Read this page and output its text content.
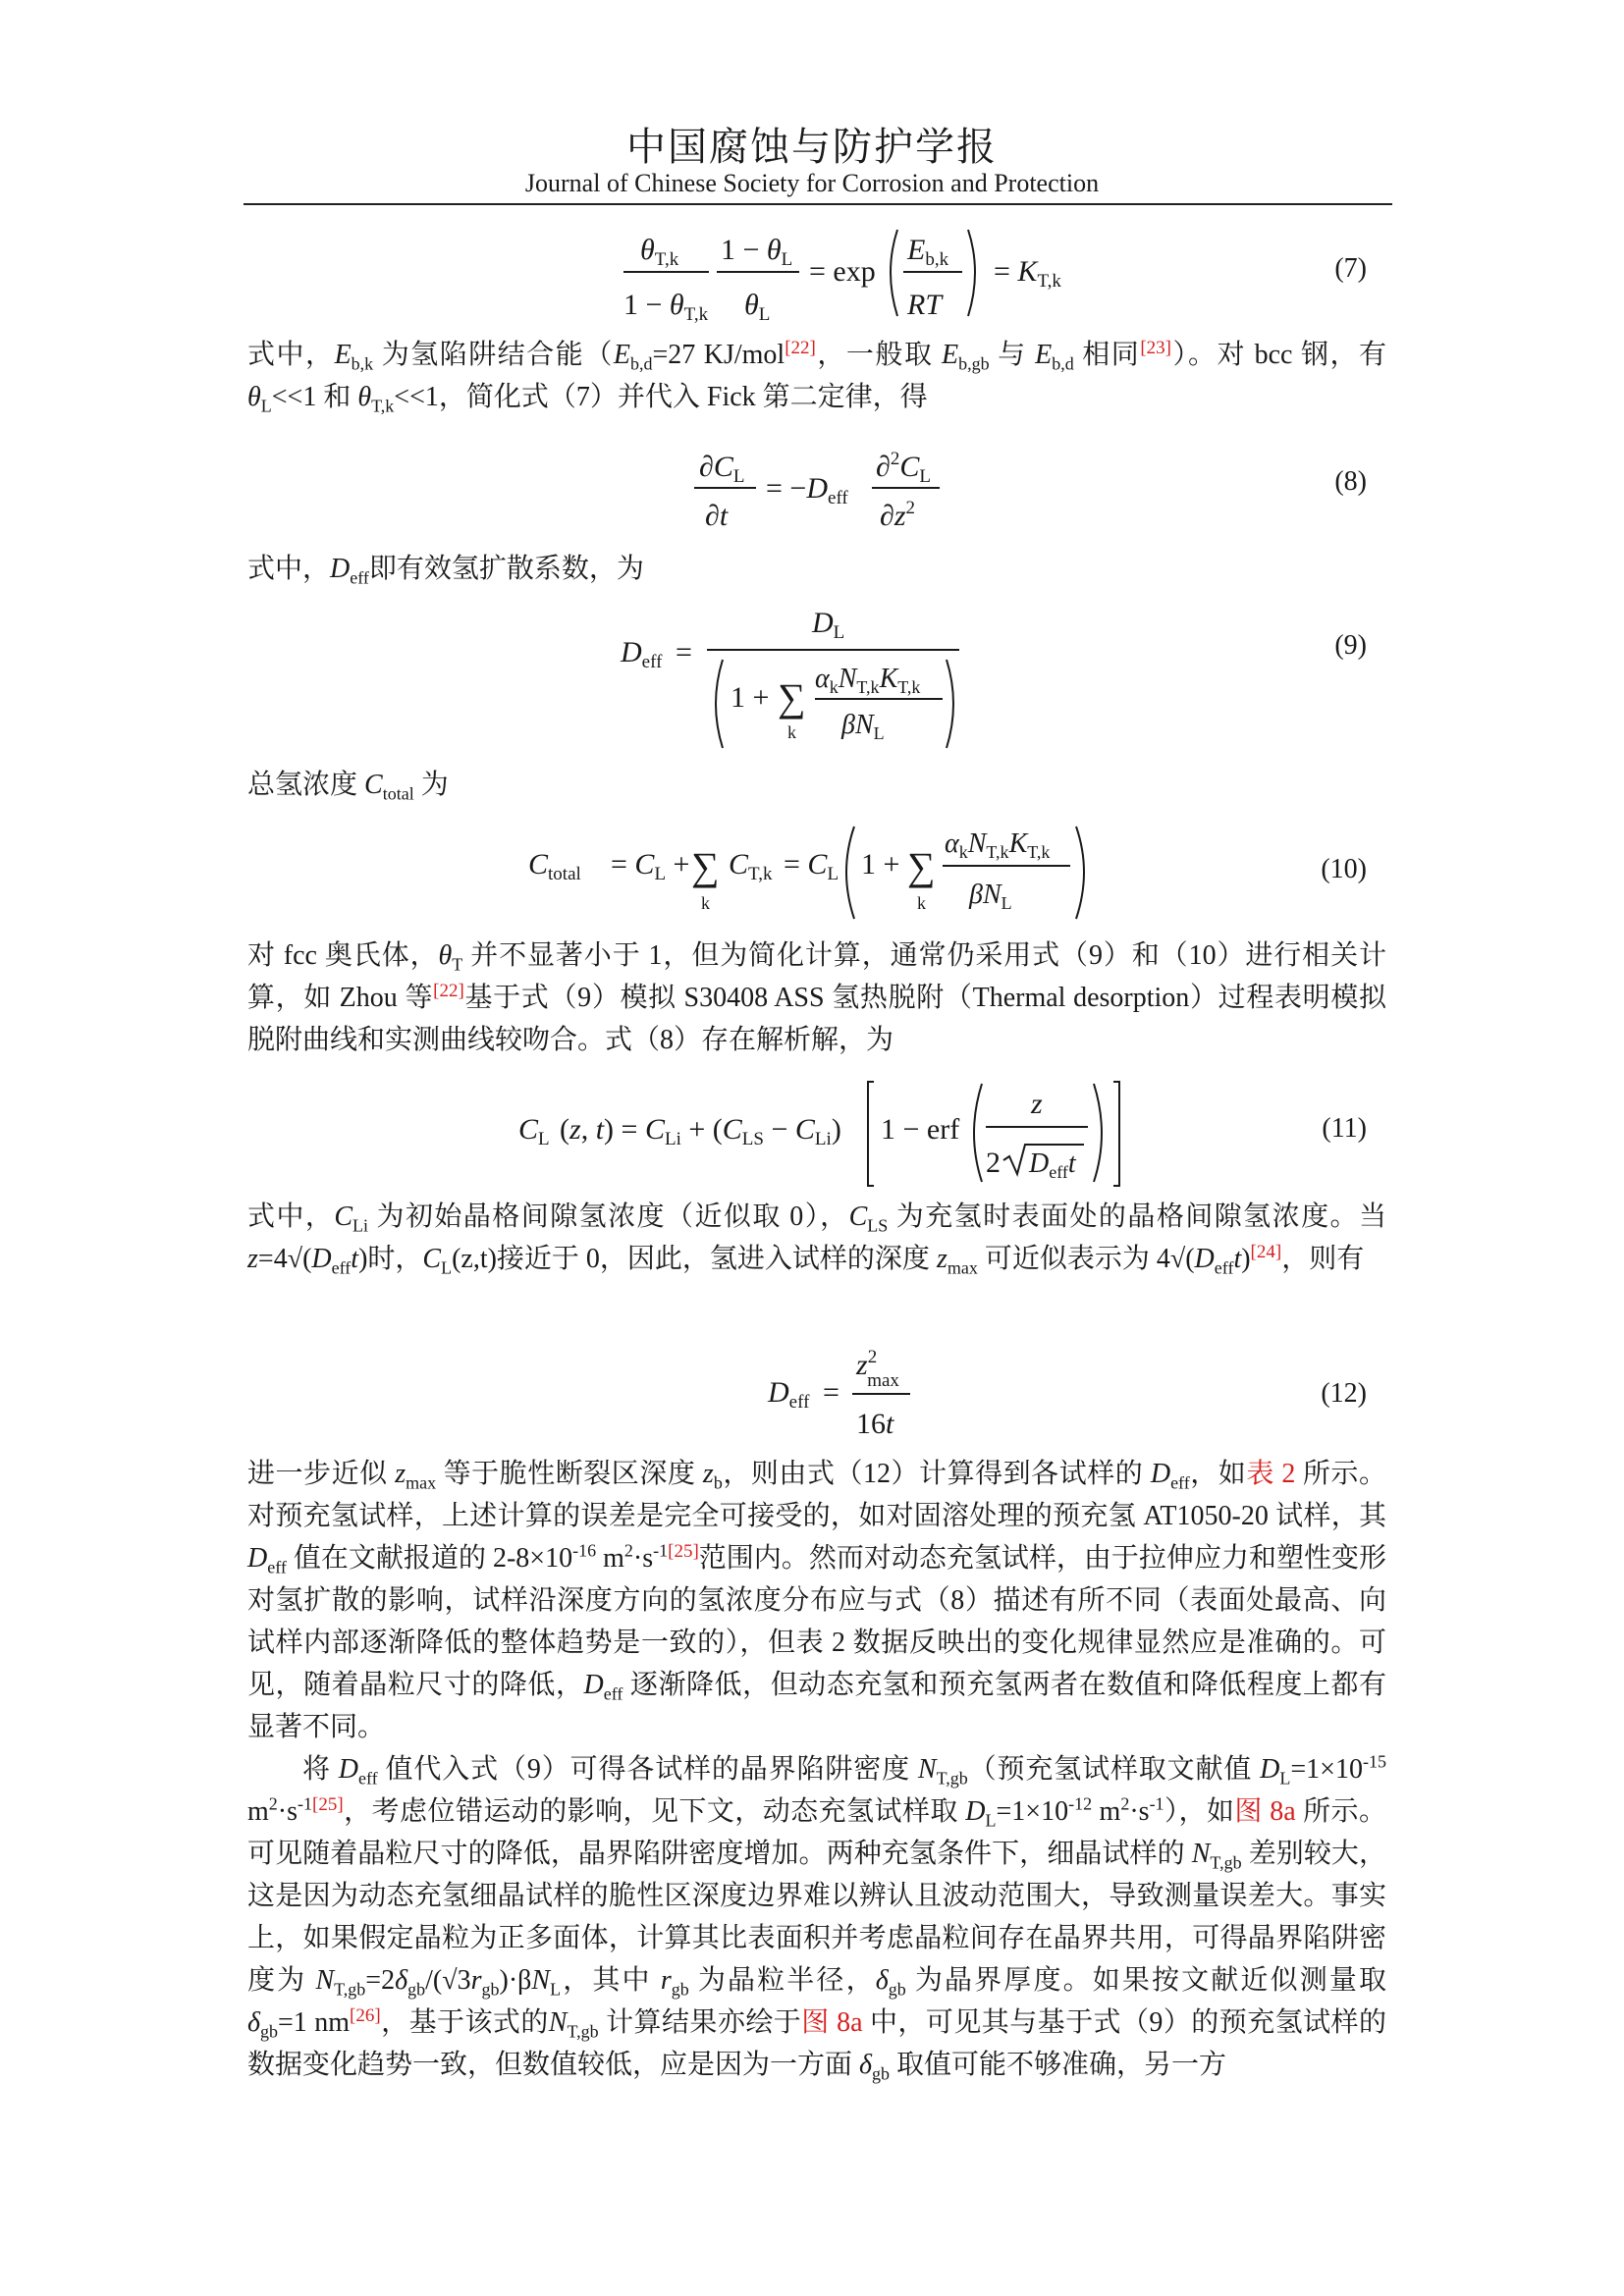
中国腐蚀与防护学报
Journal of Chinese Society for Corrosion and Protection
$\theta_{T,k}$
$1 - \theta_{T,k}$
$1 - \theta_L$
$\theta_L$
= exp
$E_{b,k}$
RT
= $K_{T,k}$	(7)

式中，$E_{b,k}$ 为氢陷阱结合能（$E_{b,d}=27$ KJ/mol[22]，一般取 $E_{b,gb}$ 与 $E_{b,d}$ 相同[23]）。对 bcc 钢，有 $\theta_L<<1$ 和 $\theta_{T,k}<<1$，简化式（7）并代入 Fick 第二定律，得

$\partial C_L$
∂t
= $-D_{eff}$
$\partial^2C_L$
$\partial z^2$
(8)

式中，$D_{eff}$即有效氢扩散系数，为

$D_{eff}$ =
$D_L$
1 + ∑
k
$\alpha_kN_{T,k}K_{T,k}$
$\beta N_L$
(9)

总氢浓度 $C_{total}$ 为

$C_{total} = C_L$ + ∑
k
$C_{T,k} = C_L$ 1 + ∑
k
$\alpha_kN_{T,k}K_{T,k}$
$\beta N_L$
(10)

对 fcc 奥氏体，$\theta_T$ 并不显著小于 1，但为简化计算，通常仍采用式（9）和（10）进行相关计算，如 Zhou 等[22]基于式（9）模拟 S30408 ASS 氢热脱附（Thermal desorption）过程表明模拟脱附曲线和实测曲线较吻合。式（8）存在解析解，为

$C_L$ (z, $t) = C_{Li} + (C_{LS} - C_{Li}) 1$ − erf
z
2 $D_{eff}t$
(11)

式中，$C_{Li}$ 为初始晶格间隙氢浓度（近似取 0），$C_{LS}$ 为充氢时表面处的晶格间隙氢浓度。当 $z=4√(D_{eff}t)$时，$C_L(z,t)$接近于 0，因此，氢进入试样的深度 $z_{max}$ 可近似表示为 $4√(D_{eff}t)[24]$，则有

$D_{eff}$ =
$z^2$ max
16t
(12)

进一步近似 $z_{max}$ 等于脆性断裂区深度 $z_b$，则由式（12）计算得到各试样的 $D_{eff}$，如表 2 所示。对预充氢试样，上述计算的误差是完全可接受的，如对固溶处理的预充氢 AT1050-20 试样，其 $D_{eff}$ 值在文献报道的 $2-8\times 10^{-16}$ $m^2\cdot s^{-1[25]}$范围内。然而对动态充氢试样，由于拉伸应力和塑性变形对氢扩散的影响，试样沿深度方向的氢浓度分布应与式（8）描述有所不同（表面处最高、向试样内部逐渐降低的整体趋势是一致的），但表 2 数据反映出的变化规律显然应是准确的。可见，随着晶粒尺寸的降低，$D_{eff}$ 逐渐降低，但动态充氢和预充氢两者在数值和降低程度上都有显著不同。

将 $D_{eff}$ 值代入式（9）可得各试样的晶界陷阱密度 $N_{T,gb}$（预充氢试样取文献值 $D_L=1\times 10^{-15}$ $m^2\cdot s^{-1[25]}$，考虑位错运动的影响，见下文，动态充氢试样取 $D_L=1\times 10^{-12}$ $m^2\cdot s^{-1}$），如图 8a 所示。可见随着晶粒尺寸的降低，晶界陷阱密度增加。两种充氢条件下，细晶试样的 $N_{T,gb}$ 差别较大，这是因为动态充氢细晶试样的脆性区深度边界难以辨认且波动范围大，导致测量误差大。事实上，如果假定晶粒为正多面体，计算其比表面积并考虑晶粒间存在晶界共用，可得晶界陷阱密度为 $N_{T,gb}=2\delta_{gb}/(√3r_{gb})\cdot\beta N_L$，其中 $r_{gb}$ 为晶粒半径，$\delta_{gb}$ 为晶界厚度。如果按文献近似测量取 $\delta_{gb}=1$ nm[26]，基于该式的$N_{T,gb}$ 计算结果亦绘于图 8a 中，可见其与基于式（9）的预充氢试样的数据变化趋势一致，但数值较低，应是因为一方面 $\delta_{gb}$ 取值可能不够准确，另一方
